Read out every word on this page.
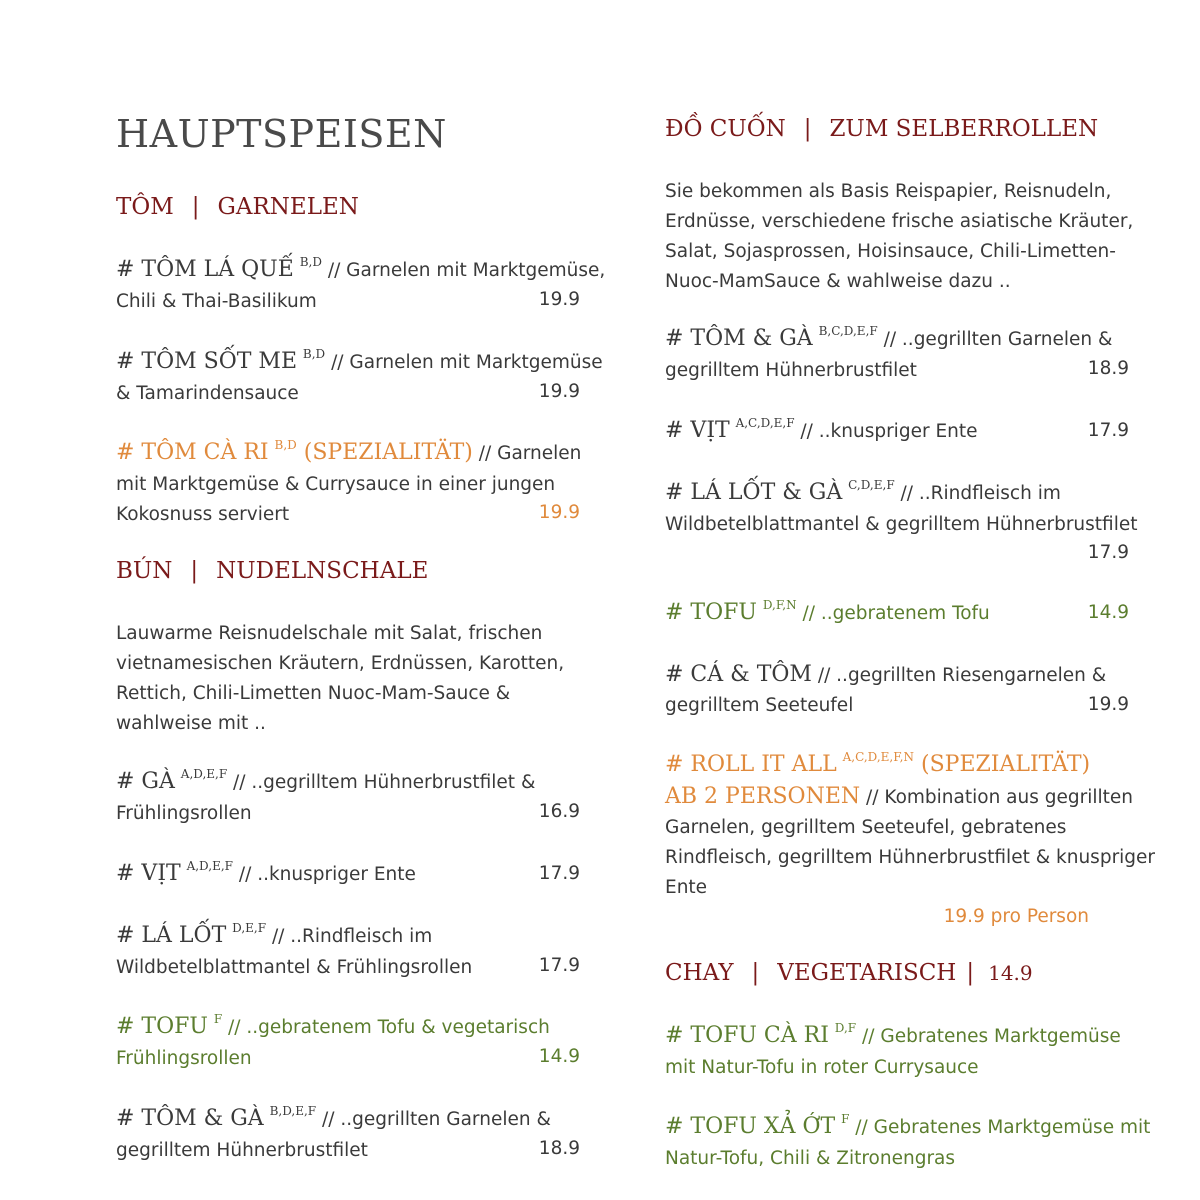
HAUPTSPEISEN
TÔM | GARNELEN
# TÔM LÁ QUẾ $^{B,D}$ // Garnelen mit Marktgemüse,
Chili & Thai-Basilikum	19.9
# TÔM SỐT ME $^{B,D}$ // Garnelen mit Marktgemüse
& Tamarindensauce	19.9
# TÔM CÀ RI $^{B,D}$ (SPEZIALITÄT) // Garnelen
mit Marktgemüse & Currysauce in einer jungen
Kokosnuss serviert	19.9
BÚN | NUDELNSCHALE
Lauwarme Reisnudelschale mit Salat, frischen
vietnamesischen Kräutern, Erdnüssen, Karotten,
Rettich, Chili-Limetten Nuoc-Mam-Sauce &
wahlweise mit ..
# GÀ $^{A,D,E,F}$ // ..gegrilltem Hühnerbrustfilet &
Frühlingsrollen	16.9
# VỊT $^{A,D,E,F}$ // ..knuspriger Ente	17.9
# LÁ LỐT $^{D,E,F}$ // ..Rindfleisch im
Wildbetelblattmantel & Frühlingsrollen	17.9
# TOFU $^F$ // ..gebratenem Tofu & vegetarisch
Frühlingsrollen	14.9
# TÔM & GÀ $^{B,D,E,F}$ // ..gegrillten Garnelen &
gegrilltem Hühnerbrustfilet	18.9
ĐỒ CUỐN | ZUM SELBERROLLEN
Sie bekommen als Basis Reispapier, Reisnudeln,
Erdnüsse, verschiedene frische asiatische Kräuter,
Salat, Sojasprossen, Hoisinsauce, Chili-Limetten-
Nuoc-MamSauce & wahlweise dazu ..
# TÔM & GÀ $^{B,C,D,E,F}$ // ..gegrillten Garnelen &
gegrilltem Hühnerbrustfilet	18.9
# VỊT $^{A,C,D,E,F}$ // ..knuspriger Ente	17.9
# LÁ LỐT & GÀ $^{C,D,E,F}$ // ..Rindfleisch im
Wildbetelblattmantel & gegrilltem Hühnerbrustfilet
17.9
# TOFU $^{D,F,N}$ // ..gebratenem Tofu	14.9
# CÁ & TÔM // ..gegrillten Riesengarnelen &
gegrilltem Seeteufel	19.9
# ROLL IT ALL $^{A,C,D,E,F,N}$ (SPEZIALITÄT)
AB 2 PERSONEN // Kombination aus gegrillten
Garnelen, gegrilltem Seeteufel, gebratenes
Rindfleisch, gegrilltem Hühnerbrustfilet & knuspriger
Ente
19.9 pro Person
CHAY | VEGETARISCH | 14.9
# TOFU CÀ RI $^{D,F}$ // Gebratenes Marktgemüse
mit Natur-Tofu in roter Currysauce
# TOFU XẢ ỚT $^F$ // Gebratenes Marktgemüse mit
Natur-Tofu, Chili & Zitronengras
